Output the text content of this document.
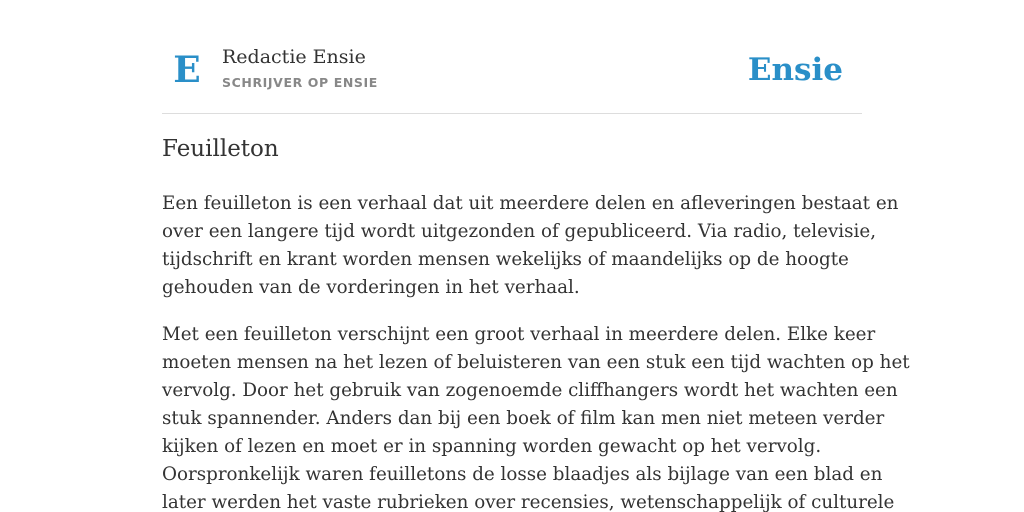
E Redactie Ensie
SCHRIJVER OP ENSIE	Ensie
Feuilleton

Een feuilleton is een verhaal dat uit meerdere delen en afleveringen bestaat en
over een langere tijd wordt uitgezonden of gepubliceerd. Via radio, televisie,
tijdschrift en krant worden mensen wekelijks of maandelijks op de hoogte
gehouden van de vorderingen in het verhaal.

Met een feuilleton verschijnt een groot verhaal in meerdere delen. Elke keer
moeten mensen na het lezen of beluisteren van een stuk een tijd wachten op het
vervolg. Door het gebruik van zogenoemde cliffhangers wordt het wachten een
stuk spannender. Anders dan bij een boek of film kan men niet meteen verder
kijken of lezen en moet er in spanning worden gewacht op het vervolg.
Oorspronkelijk waren feuilletons de losse blaadjes als bijlage van een blad en
later werden het vaste rubrieken over recensies, wetenschappelijk of culturele
